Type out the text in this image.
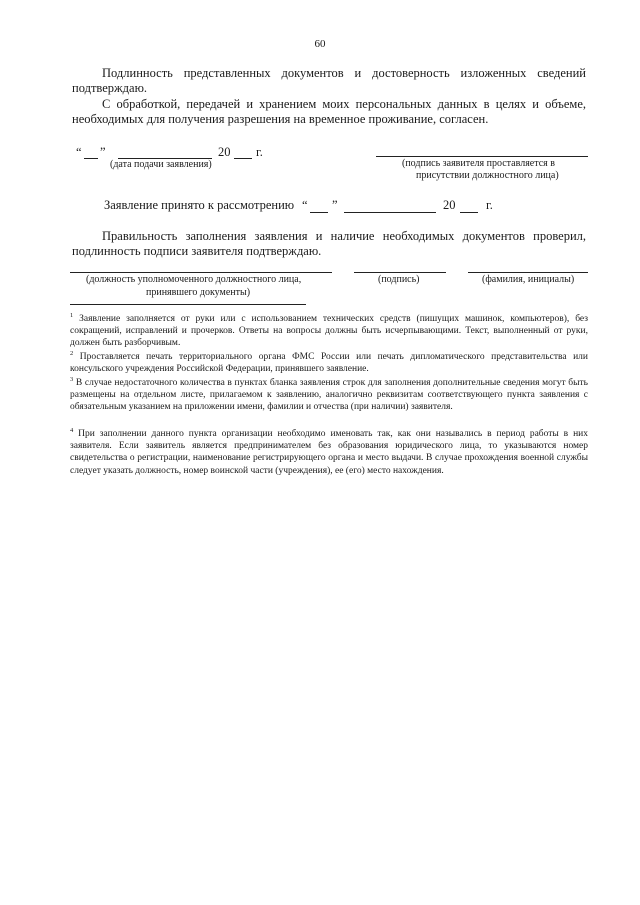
60

Подлинность представленных документов и достоверность изложенных сведений подтверждаю.

С обработкой, передачей и хранением моих персональных данных в целях и объеме, необходимых для получения разрешения на временное проживание, согласен.

“ ”	20 г.
(дата подачи заявления)	(подпись заявителя проставляется в
присутствии должностного лица)
Заявление принято к рассмотрению “ ”	20 г.

Правильность заполнения заявления и наличие необходимых документов проверил, подлинность подписи заявителя подтверждаю.

(должность уполномоченного должностного лица,
принявшего документы)
(подпись)	(фамилия, инициалы)

$^1$ Заявление заполняется от руки или с использованием технических средств (пишущих машинок, компьютеров), без сокращений, исправлений и прочерков. Ответы на вопросы должны быть исчерпывающими. Текст, выполненный от руки, должен быть разборчивым.

$^2$ Проставляется печать территориального органа ФМС России или печать дипломатического представительства или консульского учреждения Российской Федерации, принявшего заявление.

$^3$ В случае недостаточного количества в пунктах бланка заявления строк для заполнения дополнительные сведения могут быть размещены на отдельном листе, прилагаемом к заявлению, аналогично реквизитам соответствующего пункта заявления с обязательным указанием на приложении имени, фамилии и отчества (при наличии) заявителя.

$^4$ При заполнении данного пункта организации необходимо именовать так, как они назывались в период работы в них заявителя. Если заявитель является предпринимателем без образования юридического лица, то указываются номер свидетельства о регистрации, наименование регистрирующего органа и место выдачи. В случае прохождения военной службы следует указать должность, номер воинской части (учреждения), ее (его) место нахождения.
